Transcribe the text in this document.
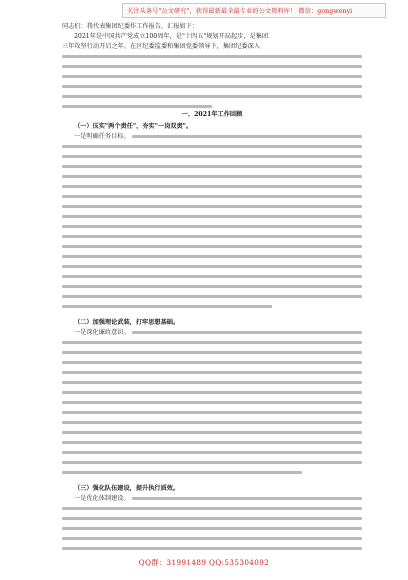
关注头条号"公文研究"，获得最新最全最专业的公文资料库！ 微信：gongwenyi
同志们：我代表集团纪委作工作报告，汇报如下：
2021年是中国共产党成立100周年，是"十四五"规划开局起步，是集团
三年攻坚行动开启之年，在区纪委监委和集团党委领导下，集团纪委深入
一、2021年工作回顾
（一）压实"两个责任"，夯实"一岗双责"。
一是明确任务目标。
（二）加强理论武装，打牢思想基础。
一是深化廉政意识。
（三）强化队伍建设，提升执行质效。
一是优化体制建设。
QQ群：31991489 QQ:535304092
